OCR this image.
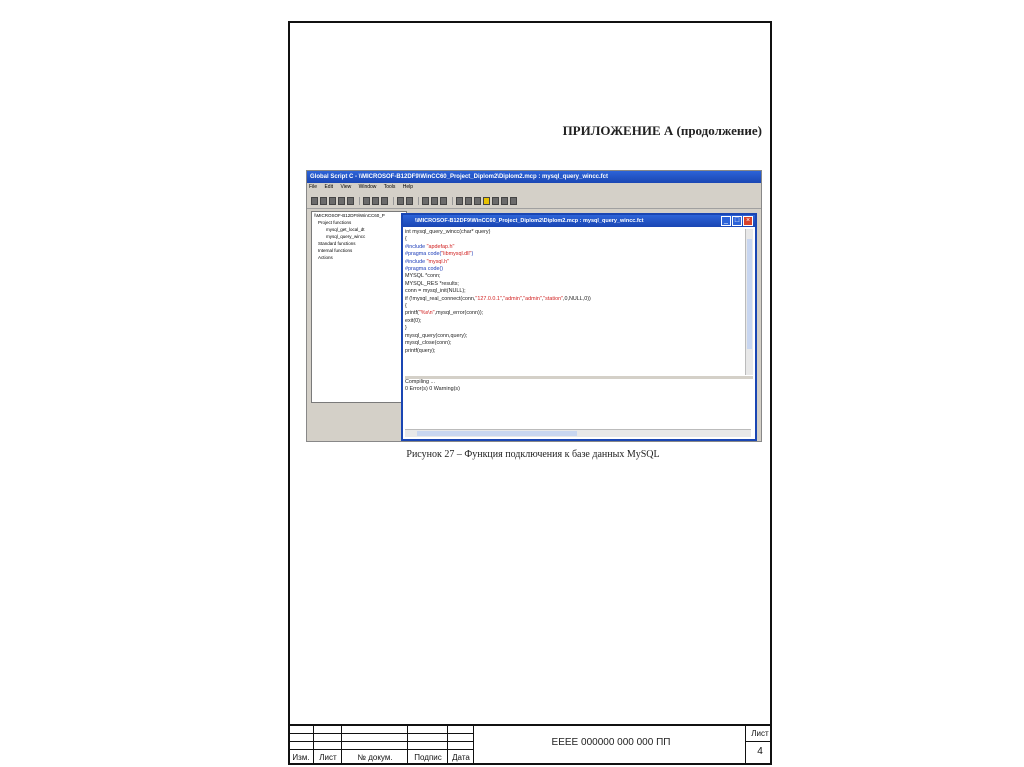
ПРИЛОЖЕНИЕ А (продолжение)
Global Script C - \\MICROSOF-B12DF9\WinCC60_Project_Diplom2\Diplom2.mcp : mysql_query_wincc.fct
File Edit View Window Tools Help
\\MICROSOF-B12DF9\WinCC60_P
Project functions
mysql_get_local_dt
mysql_query_wincc
Standard functions
Internal functions
Actions
\\MICROSOF-B12DF9\WinCC60_Project_Diplom2\Diplom2.mcp : mysql_query_wincc.fct	_ □ ×
int mysql_query_wincc(char* query)
{
#include "apdefap.h"
#pragma code("libmysql.dll")
#include "mysql.h"
#pragma code()
MYSQL *conn;
MYSQL_RES *results;
conn = mysql_init(NULL);
if (!mysql_real_connect(conn,"127.0.0.1","admin","admin","station",0,NULL,0))
{
printf("%s\n",mysql_error(conn));
exit(0);
}
mysql_query(conn,query);
mysql_close(conn);
printf(query);
Compiling ...
0 Error(s) 0 Warning(s)
Рисунок 27 – Функция подключения к базе данных MySQL
Изм.	Лист	№ докум.	Подпис	Дата
ЕЕЕЕ 000000 000 000 ПП
Лист
4
